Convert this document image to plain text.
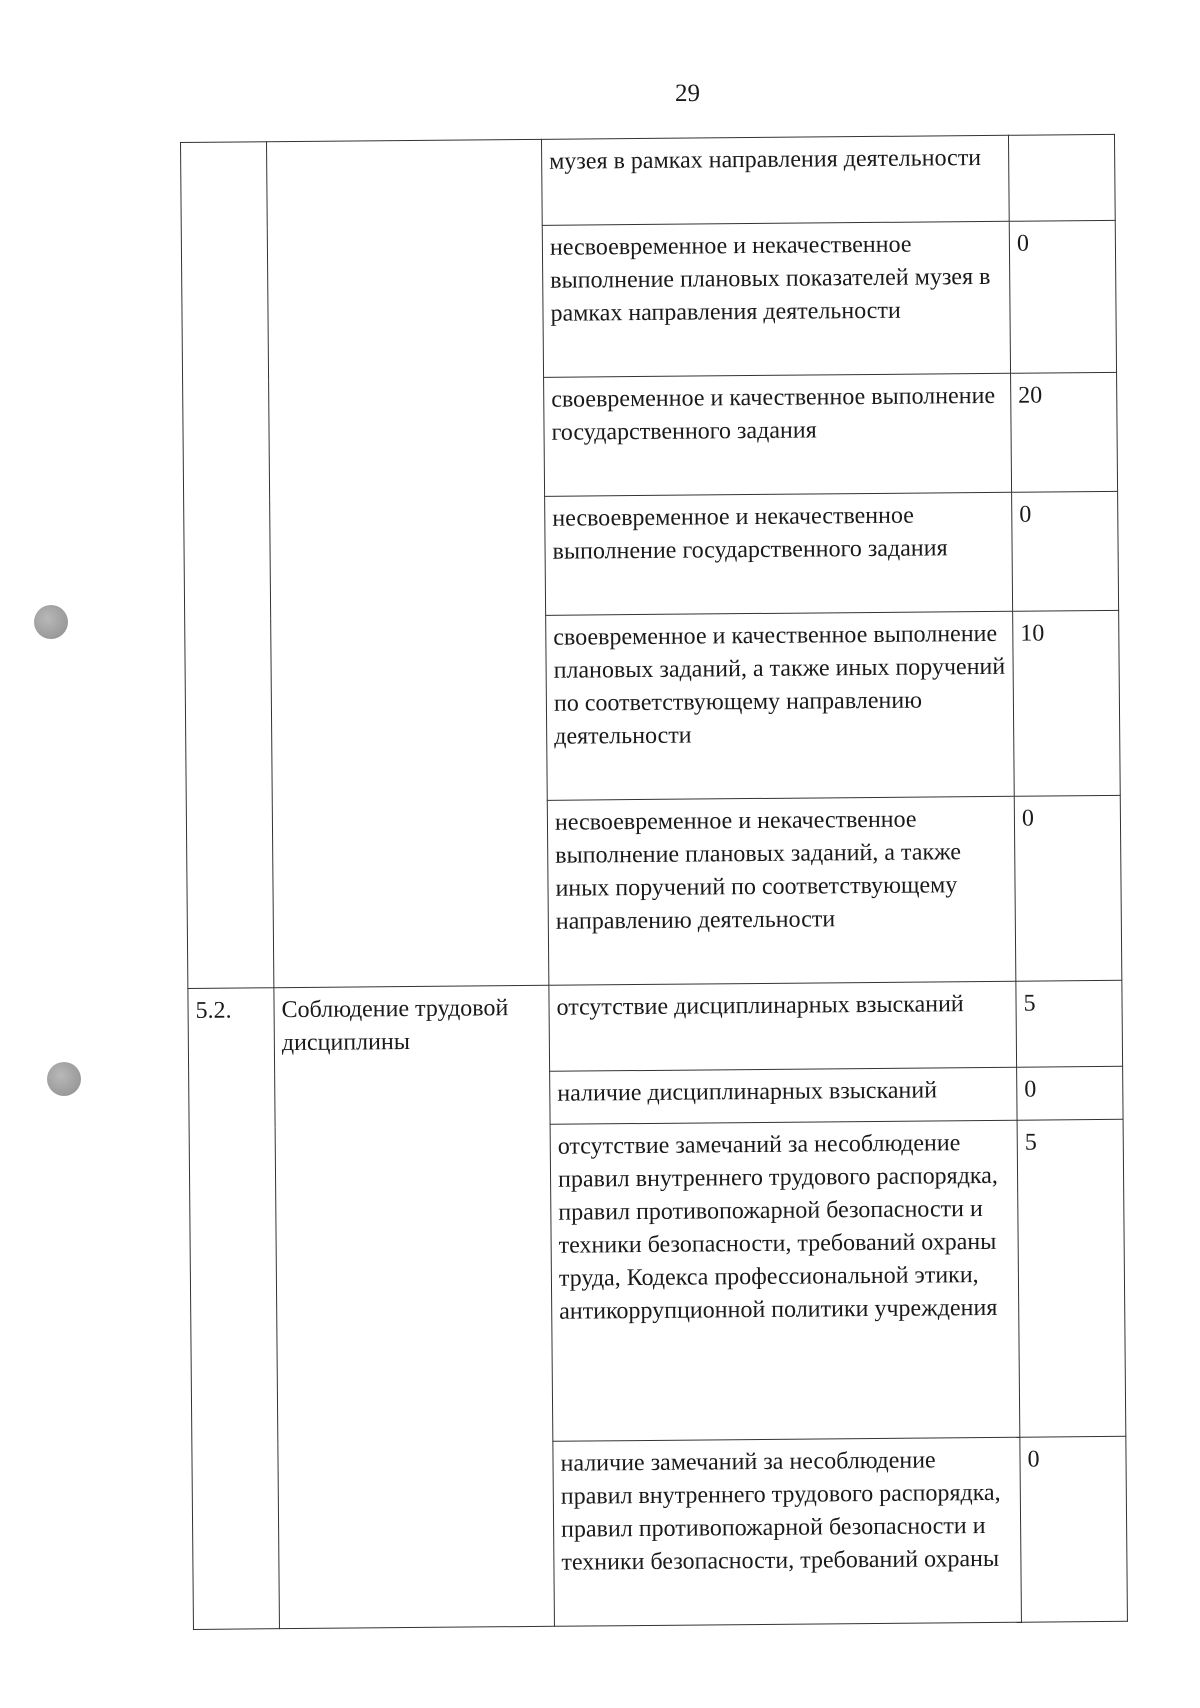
29
		музея в рамках направления деятельности	
		несвоевременное и некачественное выполнение плановых показателей музея в рамках направления деятельности	0
		своевременное и качественное выполнение государственного задания	20
		несвоевременное и некачественное выполнение государственного задания	0
		своевременное и качественное выполнение плановых заданий, а также иных поручений по соответствующему направлению деятельности	10
		несвоевременное и некачественное выполнение плановых заданий, а также иных поручений по соответствующему направлению деятельности	0
5.2.	Соблюдение трудовой дисциплины	отсутствие дисциплинарных взысканий	5
		наличие дисциплинарных взысканий	0
		отсутствие замечаний за несоблюдение правил внутреннего трудового распорядка, правил противопожарной безопасности и техники безопасности, требований охраны труда, Кодекса профессиональной этики, антикоррупционной политики учреждения	5
		наличие замечаний за несоблюдение правил внутреннего трудового распорядка, правил противопожарной безопасности и техники безопасности, требований охраны	0
